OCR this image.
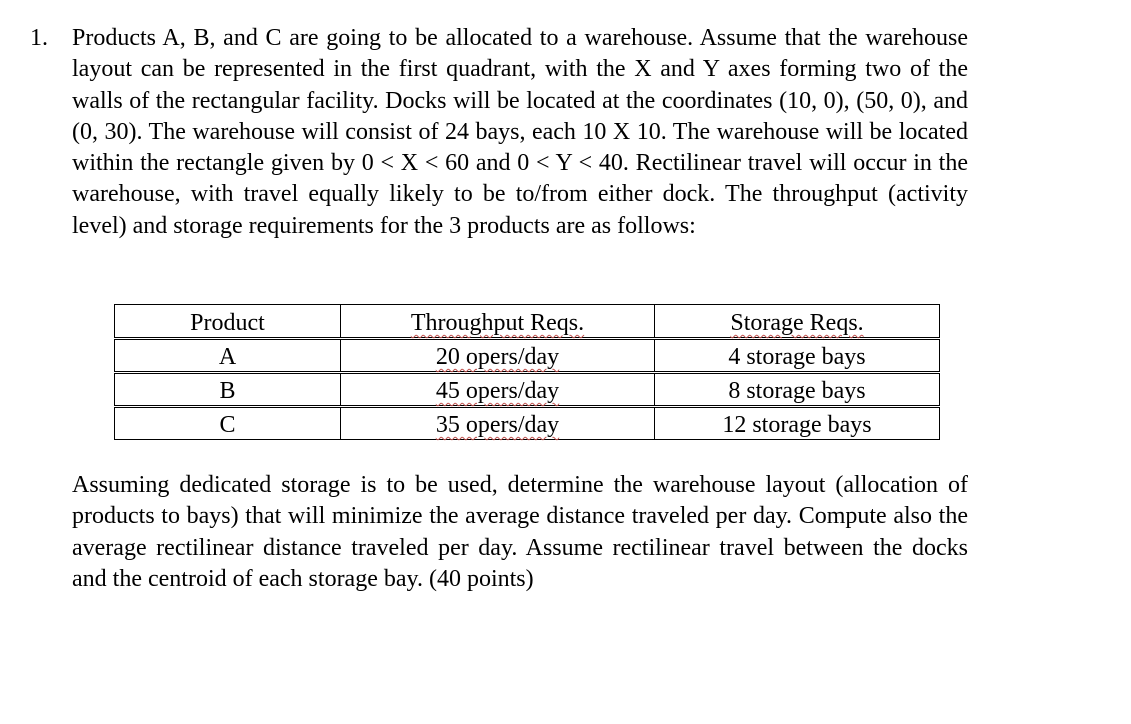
1. Products A, B, and C are going to be allocated to a warehouse. Assume that the warehouse layout can be represented in the first quadrant, with the X and Y axes forming two of the walls of the rectangular facility. Docks will be located at the coordinates (10, 0), (50, 0), and (0, 30). The warehouse will consist of 24 bays, each 10 X 10. The warehouse will be located within the rectangle given by 0 < X < 60 and 0 < Y < 40. Rectilinear travel will occur in the warehouse, with travel equally likely to be to/from either dock. The throughput (activity level) and storage requirements for the 3 products are as follows:

Product	Throughput Reqs.	Storage Reqs.
A	20 opers/day	4 storage bays
B	45 opers/day	8 storage bays
C	35 opers/day	12 storage bays

Assuming dedicated storage is to be used, determine the warehouse layout (allocation of products to bays) that will minimize the average distance traveled per day. Compute also the average rectilinear distance traveled per day. Assume rectilinear travel between the docks and the centroid of each storage bay. (40 points)
